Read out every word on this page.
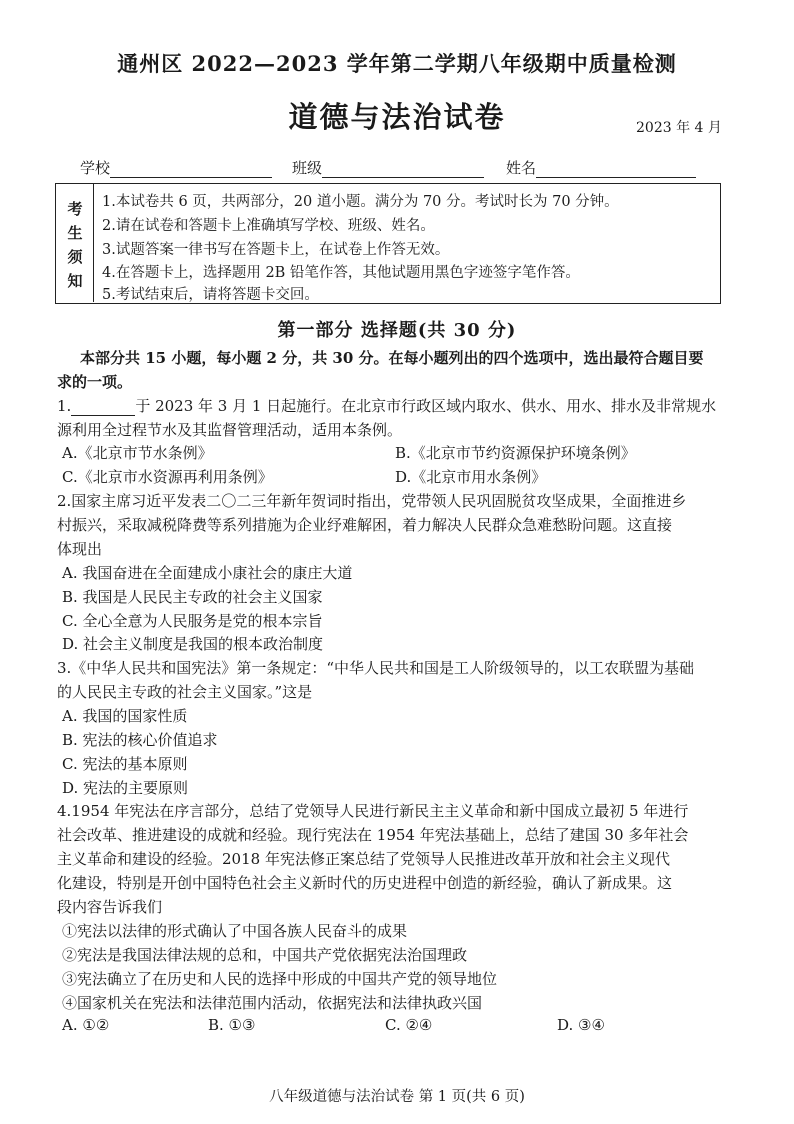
通州区 2022—2023 学年第二学期八年级期中质量检测
道德与法治试卷	2023 年 4 月
学校	班级	姓名
考
生
须
知
1.本试卷共 6 页，共两部分，20 道小题。满分为 70 分。考试时长为 70 分钟。
2.请在试卷和答题卡上准确填写学校、班级、姓名。
3.试题答案一律书写在答题卡上，在试卷上作答无效。
4.在答题卡上，选择题用 2B 铅笔作答，其他试题用黑色字迹签字笔作答。
5.考试结束后，请将答题卡交回。
第一部分 选择题(共 30 分)
本部分共 15 小题，每小题 2 分，共 30 分。在每小题列出的四个选项中，选出最符合题目要
求的一项。
1.	于 2023 年 3 月 1 日起施行。在北京市行政区域内取水、供水、用水、排水及非常规水
源利用全过程节水及其监督管理活动，适用本条例。
A.《北京市节水条例》	B.《北京市节约资源保护环境条例》
C.《北京市水资源再利用条例》	D.《北京市用水条例》
2.国家主席习近平发表二〇二三年新年贺词时指出，党带领人民巩固脱贫攻坚成果，全面推进乡
村振兴，采取减税降费等系列措施为企业纾难解困，着力解决人民群众急难愁盼问题。这直接
体现出
A. 我国奋进在全面建成小康社会的康庄大道
B. 我国是人民民主专政的社会主义国家
C. 全心全意为人民服务是党的根本宗旨
D. 社会主义制度是我国的根本政治制度
3.《中华人民共和国宪法》第一条规定：“中华人民共和国是工人阶级领导的，以工农联盟为基础
的人民民主专政的社会主义国家。”这是
A. 我国的国家性质
B. 宪法的核心价值追求
C. 宪法的基本原则
D. 宪法的主要原则
4.1954 年宪法在序言部分，总结了党领导人民进行新民主主义革命和新中国成立最初 5 年进行
社会改革、推进建设的成就和经验。现行宪法在 1954 年宪法基础上，总结了建国 30 多年社会
主义革命和建设的经验。2018 年宪法修正案总结了党领导人民推进改革开放和社会主义现代
化建设，特别是开创中国特色社会主义新时代的历史进程中创造的新经验，确认了新成果。这
段内容告诉我们
①宪法以法律的形式确认了中国各族人民奋斗的成果
②宪法是我国法律法规的总和，中国共产党依据宪法治国理政
③宪法确立了在历史和人民的选择中形成的中国共产党的领导地位
④国家机关在宪法和法律范围内活动，依据宪法和法律执政兴国
A. ①②	B. ①③	C. ②④	D. ③④
八年级道德与法治试卷 第 1 页(共 6 页)
